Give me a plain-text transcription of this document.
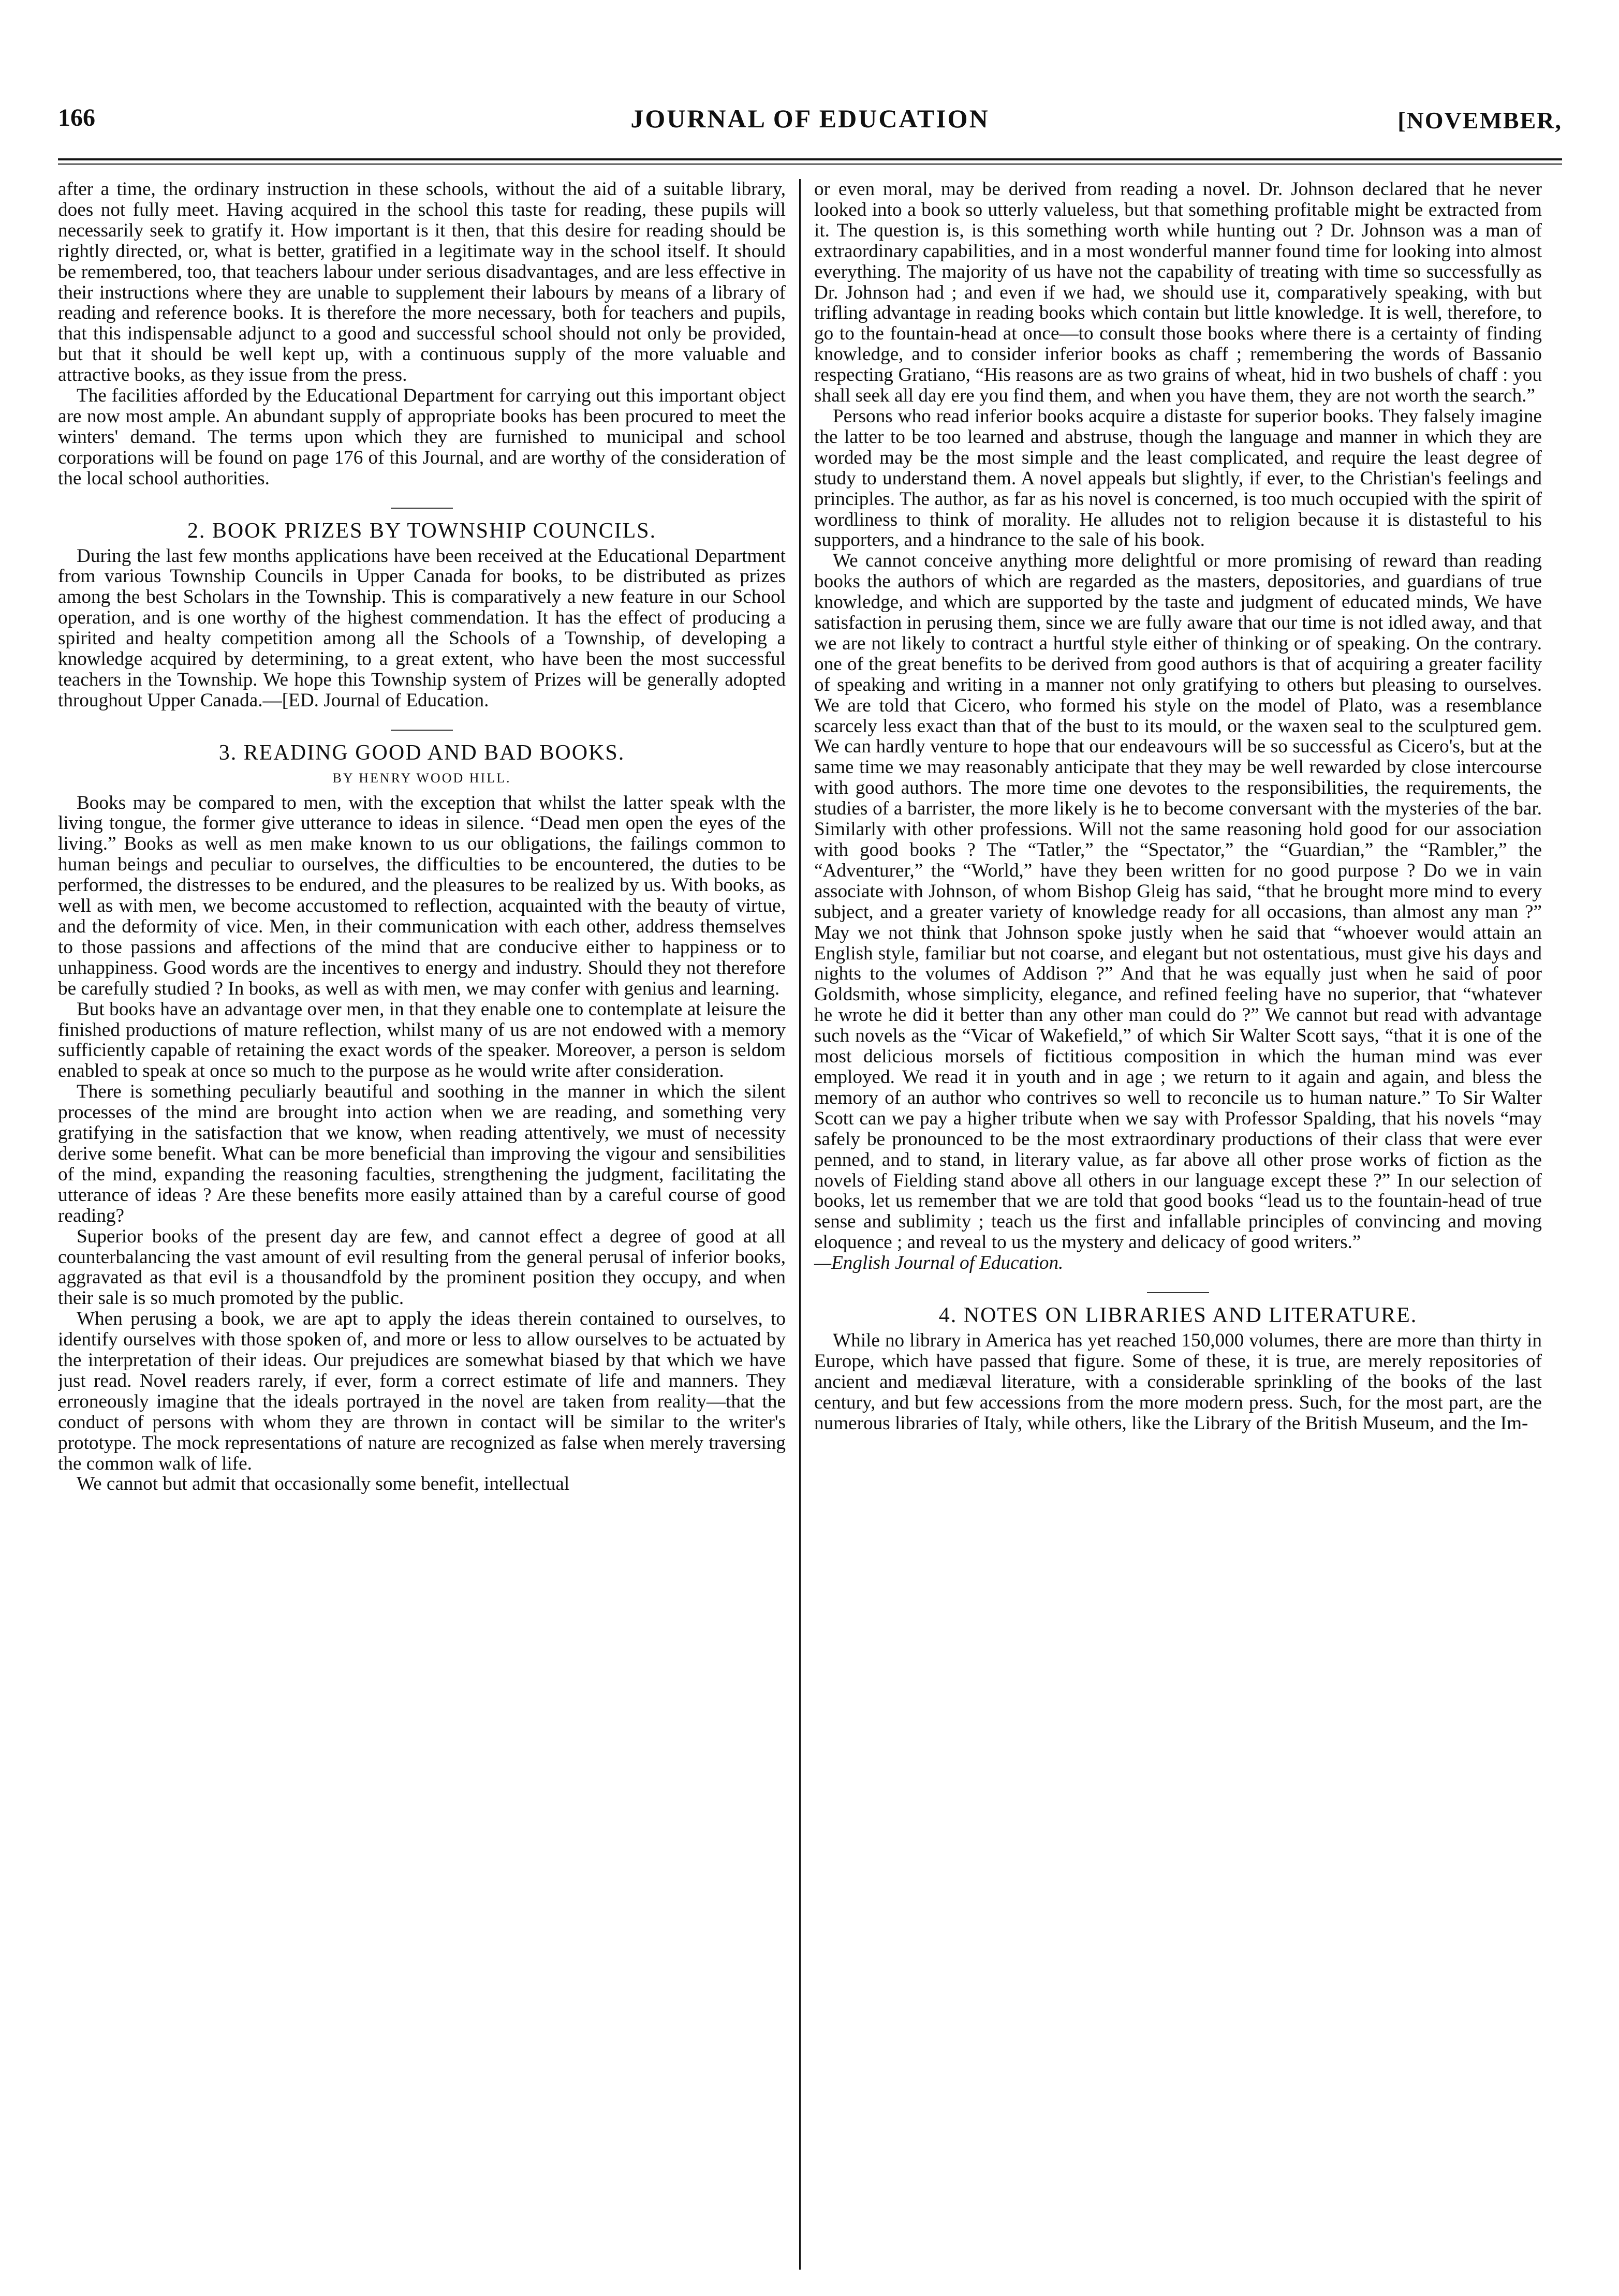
166	JOURNAL OF EDUCATION	[NOVEMBER,

after a time, the ordinary instruction in these schools, without the aid of a suitable library, does not fully meet. Having acquired in the school this taste for reading, these pupils will necessarily seek to gratify it. How important is it then, that this desire for reading should be rightly directed, or, what is better, gratified in a legitimate way in the school itself. It should be remembered, too, that teachers labour under serious disadvantages, and are less effective in their instructions where they are unable to supplement their labours by means of a library of reading and reference books. It is therefore the more necessary, both for teachers and pupils, that this indispensable adjunct to a good and successful school should not only be provided, but that it should be well kept up, with a continuous supply of the more valuable and attractive books, as they issue from the press.

The facilities afforded by the Educational Department for carrying out this important object are now most ample. An abundant supply of appropriate books has been procured to meet the winters' demand. The terms upon which they are furnished to municipal and school corporations will be found on page 176 of this Journal, and are worthy of the consideration of the local school authorities.

2. BOOK PRIZES BY TOWNSHIP COUNCILS.

During the last few months applications have been received at the Educational Department from various Township Councils in Upper Canada for books, to be distributed as prizes among the best Scholars in the Township. This is comparatively a new feature in our School operation, and is one worthy of the highest commendation. It has the effect of producing a spirited and healty competition among all the Schools of a Township, of developing a knowledge acquired by determining, to a great extent, who have been the most successful teachers in the Township. We hope this Township system of Prizes will be generally adopted throughout Upper Canada.—[ED. Journal of Education.

3. READING GOOD AND BAD BOOKS.
BY HENRY WOOD HILL.

Books may be compared to men, with the exception that whilst the latter speak wlth the living tongue, the former give utterance to ideas in silence. “Dead men open the eyes of the living.” Books as well as men make known to us our obligations, the failings common to human beings and peculiar to ourselves, the difficulties to be encountered, the duties to be performed, the distresses to be endured, and the pleasures to be realized by us. With books, as well as with men, we become accustomed to reflection, acquainted with the beauty of virtue, and the deformity of vice. Men, in their communication with each other, address themselves to those passions and affections of the mind that are conducive either to happiness or to unhappiness. Good words are the incentives to energy and industry. Should they not therefore be carefully studied ? In books, as well as with men, we may confer with genius and learning.

But books have an advantage over men, in that they enable one to contemplate at leisure the finished productions of mature reflection, whilst many of us are not endowed with a memory sufficiently capable of retaining the exact words of the speaker. Moreover, a person is seldom enabled to speak at once so much to the purpose as he would write after consideration.

There is something peculiarly beautiful and soothing in the manner in which the silent processes of the mind are brought into action when we are reading, and something very gratifying in the satisfaction that we know, when reading attentively, we must of necessity derive some benefit. What can be more beneficial than improving the vigour and sensibilities of the mind, expanding the reasoning faculties, strengthening the judgment, facilitating the utterance of ideas ? Are these benefits more easily attained than by a careful course of good reading?

Superior books of the present day are few, and cannot effect a degree of good at all counterbalancing the vast amount of evil resulting from the general perusal of inferior books, aggravated as that evil is a thousandfold by the prominent position they occupy, and when their sale is so much promoted by the public.

When perusing a book, we are apt to apply the ideas therein contained to ourselves, to identify ourselves with those spoken of, and more or less to allow ourselves to be actuated by the interpretation of their ideas. Our prejudices are somewhat biased by that which we have just read. Novel readers rarely, if ever, form a correct estimate of life and manners. They erroneously imagine that the ideals portrayed in the novel are taken from reality—that the conduct of persons with whom they are thrown in contact will be similar to the writer's prototype. The mock representations of nature are recognized as false when merely traversing the common walk of life.

We cannot but admit that occasionally some benefit, intellectual

or even moral, may be derived from reading a novel. Dr. Johnson declared that he never looked into a book so utterly valueless, but that something profitable might be extracted from it. The question is, is this something worth while hunting out ? Dr. Johnson was a man of extraordinary capabilities, and in a most wonderful manner found time for looking into almost everything. The majority of us have not the capability of treating with time so successfully as Dr. Johnson had ; and even if we had, we should use it, comparatively speaking, with but trifling advantage in reading books which contain but little knowledge. It is well, therefore, to go to the fountain-head at once—to consult those books where there is a certainty of finding knowledge, and to consider inferior books as chaff ; remembering the words of Bassanio respecting Gratiano, “His reasons are as two grains of wheat, hid in two bushels of chaff : you shall seek all day ere you find them, and when you have them, they are not worth the search.”

Persons who read inferior books acquire a distaste for superior books. They falsely imagine the latter to be too learned and abstruse, though the language and manner in which they are worded may be the most simple and the least complicated, and require the least degree of study to understand them. A novel appeals but slightly, if ever, to the Christian's feelings and principles. The author, as far as his novel is concerned, is too much occupied with the spirit of wordliness to think of morality. He alludes not to religion because it is distasteful to his supporters, and a hindrance to the sale of his book.

We cannot conceive anything more delightful or more promising of reward than reading books the authors of which are regarded as the masters, depositories, and guardians of true knowledge, and which are supported by the taste and judgment of educated minds, We have satisfaction in perusing them, since we are fully aware that our time is not idled away, and that we are not likely to contract a hurtful style either of thinking or of speaking. On the contrary. one of the great benefits to be derived from good authors is that of acquiring a greater facility of speaking and writing in a manner not only gratifying to others but pleasing to ourselves. We are told that Cicero, who formed his style on the model of Plato, was a resemblance scarcely less exact than that of the bust to its mould, or the waxen seal to the sculptured gem. We can hardly venture to hope that our endeavours will be so successful as Cicero's, but at the same time we may reasonably anticipate that they may be well rewarded by close intercourse with good authors. The more time one devotes to the responsibilities, the requirements, the studies of a barrister, the more likely is he to become conversant with the mysteries of the bar. Similarly with other professions. Will not the same reasoning hold good for our association with good books ? The “Tatler,” the “Spectator,” the “Guardian,” the “Rambler,” the “Adventurer,” the “World,” have they been written for no good purpose ? Do we in vain associate with Johnson, of whom Bishop Gleig has said, “that he brought more mind to every subject, and a greater variety of knowledge ready for all occasions, than almost any man ?” May we not think that Johnson spoke justly when he said that “whoever would attain an English style, familiar but not coarse, and elegant but not ostentatious, must give his days and nights to the volumes of Addison ?” And that he was equally just when he said of poor Goldsmith, whose simplicity, elegance, and refined feeling have no superior, that “whatever he wrote he did it better than any other man could do ?” We cannot but read with advantage such novels as the “Vicar of Wakefield,” of which Sir Walter Scott says, “that it is one of the most delicious morsels of fictitious composition in which the human mind was ever employed. We read it in youth and in age ; we return to it again and again, and bless the memory of an author who contrives so well to reconcile us to human nature.” To Sir Walter Scott can we pay a higher tribute when we say with Professor Spalding, that his novels “may safely be pronounced to be the most extraordinary productions of their class that were ever penned, and to stand, in literary value, as far above all other prose works of fiction as the novels of Fielding stand above all others in our language except these ?” In our selection of books, let us remember that we are told that good books “lead us to the fountain-head of true sense and sublimity ; teach us the first and infallable principles of convincing and moving eloquence ; and reveal to us the mystery and delicacy of good writers.”

—English Journal of Education.

4. NOTES ON LIBRARIES AND LITERATURE.

While no library in America has yet reached 150,000 volumes, there are more than thirty in Europe, which have passed that figure. Some of these, it is true, are merely repositories of ancient and mediæval literature, with a considerable sprinkling of the books of the last century, and but few accessions from the more modern press. Such, for the most part, are the numerous libraries of Italy, while others, like the Library of the British Museum, and the Im-
